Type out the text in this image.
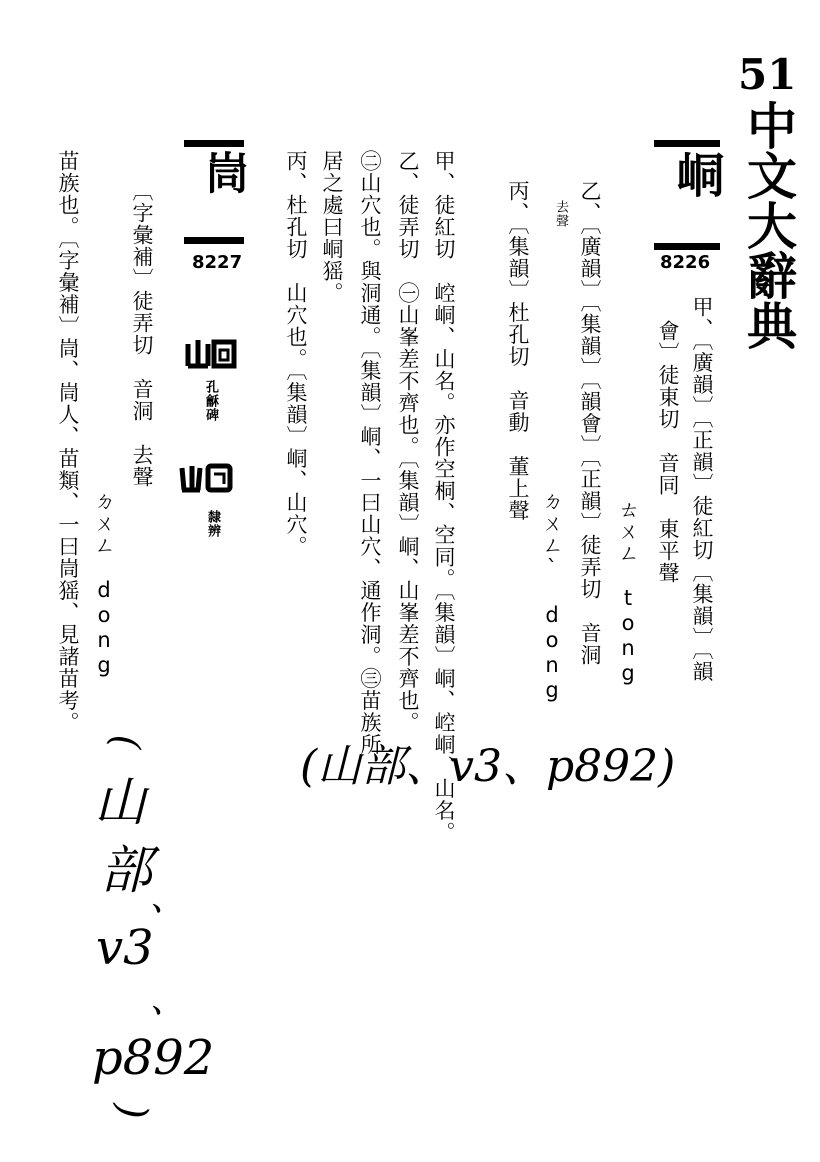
51
中文大辭典
峒
8226
甲、〔廣韻〕〔正韻〕徒紅切〔集韻〕〔韻
會〕徒東切　音同　東平聲
ㄊㄨㄥ　tong
乙、〔廣韻〕〔集韻〕〔韻會〕〔正韻〕徒弄切　音洞
去聲
ㄉㄨㄥˋ　dong
丙、〔集韻〕杜孔切　音動　董上聲
甲、徒紅切　崆峒、山名。亦作空桐、空同。〔集韻〕峒、崆峒、山名。
乙、徒弄切　㊀山峯差不齊也。〔集韻〕峒、山峯差不齊也。
㊁山穴也。與洞通。〔集韻〕峒、一曰山穴、通作洞。㊂苗族所
居之處曰峒猺。
丙、杜孔切　山穴也。〔集韻〕峒、山穴。
峝
8227
孔龢碑
隸辨
〔字彙補〕徒弄切　音洞　去聲
ㄉㄨㄥ　dong
苗族也。〔字彙補〕峝、峝人、苗類、一曰峝猺、見諸苗考。
(山部、v3、p892)
(
山
部
、
v3
、
p892
)
